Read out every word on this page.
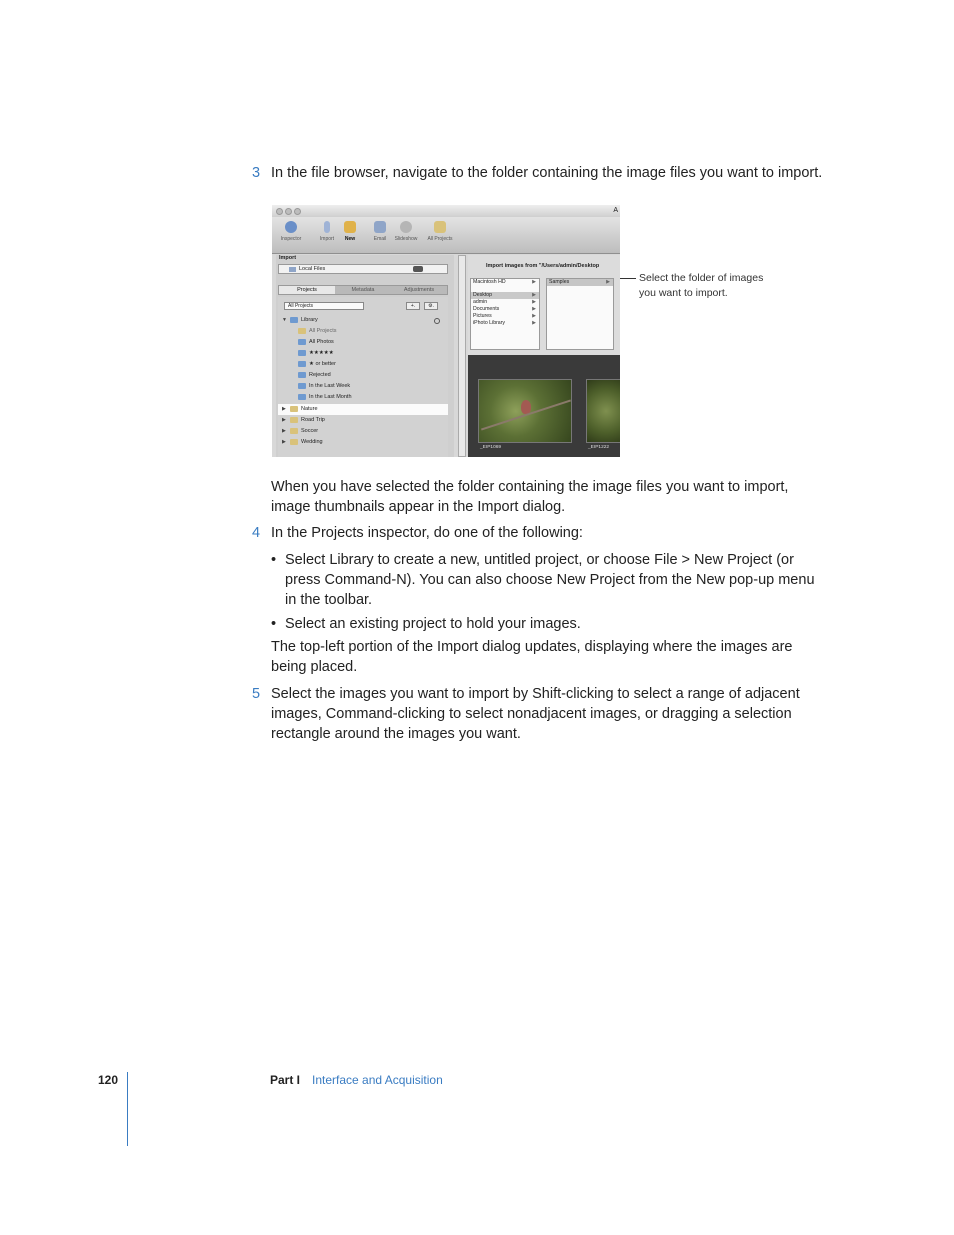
3 In the file browser, navigate to the folder containing the image files you want to import.
A
Inspector	Import	New	Email	Slideshow	All Projects
Import
Local Files
Projects	Metadata	Adjustments
All Projects	+.	⚙.
▼	Library
All Projects
All Photos
★★★★★
★ or better
Rejected
In the Last Week
In the Last Month
▶	Nature
▶	Road Trip
▶	Soccer
▶	Wedding
Import images from "/Users/admin/Desktop
Macintosh HD	▶
Desktop	▶
admin	▶
Documents	▶
Pictures	▶
iPhoto Library	▶
Samples	▶
_EIP1069	_EIP1222
Select the folder of images you want to import.
When you have selected the folder containing the image files you want to import, image thumbnails appear in the Import dialog.
4 In the Projects inspector, do one of the following:
• Select Library to create a new, untitled project, or choose File > New Project (or press Command-N). You can also choose New Project from the New pop-up menu in the toolbar.
• Select an existing project to hold your images.
The top-left portion of the Import dialog updates, displaying where the images are being placed.
5 Select the images you want to import by Shift-clicking to select a range of adjacent images, Command-clicking to select nonadjacent images, or dragging a selection rectangle around the images you want.
120	Part I Interface and Acquisition
